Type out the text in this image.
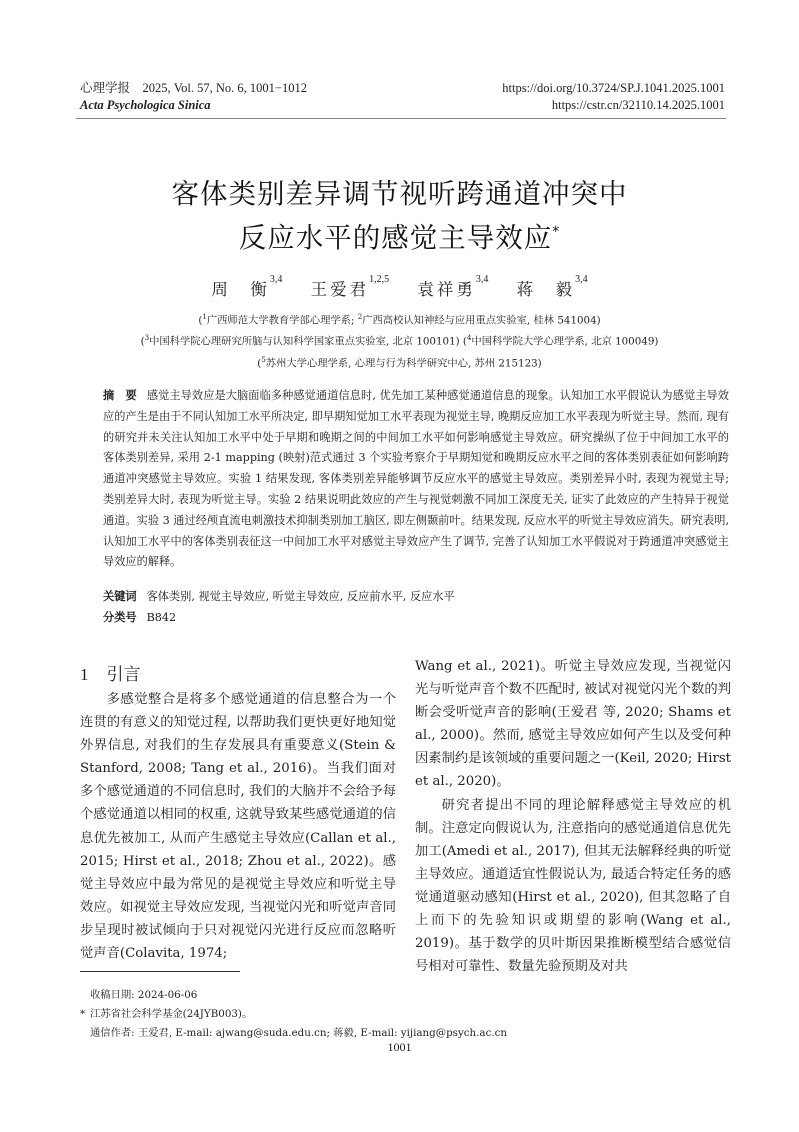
心理学报 2025, Vol. 57, No. 6, 1001−1012
Acta Psychologica Sinica
https://doi.org/10.3724/SP.J.1041.2025.1001
https://cstr.cn/32110.14.2025.1001
客体类别差异调节视听跨通道冲突中
反应水平的感觉主导效应*
周　衡$^{3,4}$ 王爱君$^{1,2,5}$ 袁祥勇$^{3,4}$ 蒋　毅$^{3,4}$
($^1$广西师范大学教育学部心理学系; $^2$广西高校认知神经与应用重点实验室, 桂林 541004)
($^3$中国科学院心理研究所脑与认知科学国家重点实验室, 北京 100101) ($^4$中国科学院大学心理学系, 北京 100049)
($^5$苏州大学心理学系, 心理与行为科学研究中心, 苏州 215123)
摘　要 感觉主导效应是大脑面临多种感觉通道信息时, 优先加工某种感觉通道信息的现象。认知加工水平假说认为感觉主导效应的产生是由于不同认知加工水平所决定, 即早期知觉加工水平表现为视觉主导, 晚期反应加工水平表现为听觉主导。然而, 现有的研究并未关注认知加工水平中处于早期和晚期之间的中间加工水平如何影响感觉主导效应。研究操纵了位于中间加工水平的客体类别差异, 采用 2-1 mapping (映射)范式通过 3 个实验考察介于早期知觉和晚期反应水平之间的客体类别表征如何影响跨通道冲突感觉主导效应。实验 1 结果发现, 客体类别差异能够调节反应水平的感觉主导效应。类别差异小时, 表现为视觉主导; 类别差异大时, 表现为听觉主导。实验 2 结果说明此效应的产生与视觉刺激不同加工深度无关, 证实了此效应的产生特异于视觉通道。实验 3 通过经颅直流电刺激技术抑制类别加工脑区, 即左侧颞前叶。结果发现, 反应水平的听觉主导效应消失。研究表明, 认知加工水平中的客体类别表征这一中间加工水平对感觉主导效应产生了调节, 完善了认知加工水平假说对于跨通道冲突感觉主导效应的解释。
关键词 客体类别, 视觉主导效应, 听觉主导效应, 反应前水平, 反应水平
分类号 B842
1 引言

多感觉整合是将多个感觉通道的信息整合为一个连贯的有意义的知觉过程, 以帮助我们更快更好地知觉外界信息, 对我们的生存发展具有重要意义(Stein & Stanford, 2008; Tang et al., 2016)。当我们面对多个感觉通道的不同信息时, 我们的大脑并不会给予每个感觉通道以相同的权重, 这就导致某些感觉通道的信息优先被加工, 从而产生感觉主导效应(Callan et al., 2015; Hirst et al., 2018; Zhou et al., 2022)。感觉主导效应中最为常见的是视觉主导效应和听觉主导效应。如视觉主导效应发现, 当视觉闪光和听觉声音同步呈现时被试倾向于只对视觉闪光进行反应而忽略听觉声音(Colavita, 1974;

Wang et al., 2021)。听觉主导效应发现, 当视觉闪光与听觉声音个数不匹配时, 被试对视觉闪光个数的判断会受听觉声音的影响(王爱君 等, 2020; Shams et al., 2000)。然而, 感觉主导效应如何产生以及受何种因素制约是该领域的重要问题之一(Keil, 2020; Hirst et al., 2020)。

研究者提出不同的理论解释感觉主导效应的机制。注意定向假说认为, 注意指向的感觉通道信息优先加工(Amedi et al., 2017), 但其无法解释经典的听觉主导效应。通道适宜性假说认为, 最适合特定任务的感觉通道驱动感知(Hirst et al., 2020), 但其忽略了自上而下的先验知识或期望的影响(Wang et al., 2019)。基于数学的贝叶斯因果推断模型结合感觉信号相对可靠性、数量先验预期及对共

收稿日期: 2024-06-06
* 江苏省社会科学基金(24JYB003)。
通信作者: 王爱君, E-mail: ajwang@suda.edu.cn; 蒋毅, E-mail: yijiang@psych.ac.cn
1001
